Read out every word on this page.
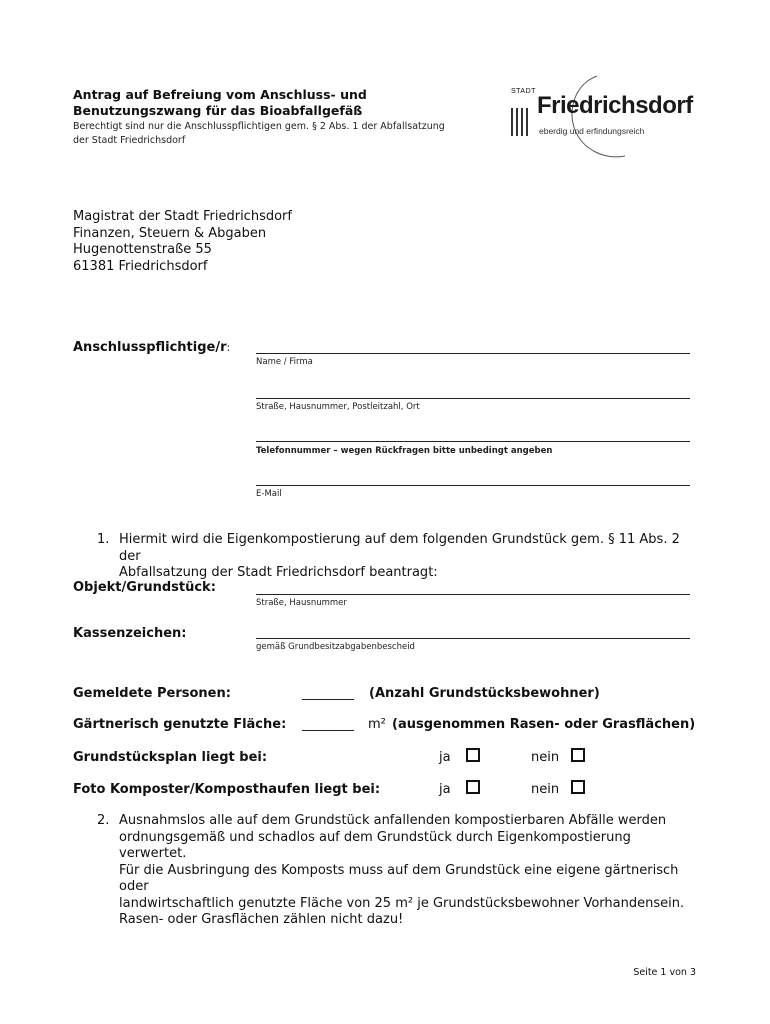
Antrag auf Befreiung vom Anschluss- und
Benutzungszwang für das Bioabfallgefäß
Berechtigt sind nur die Anschlusspflichtigen gem. § 2 Abs. 1 der Abfallsatzung
der Stadt Friedrichsdorf
STADT
Friedrichsdorf
eberdig und erfindungsreich
Magistrat der Stadt Friedrichsdorf
Finanzen, Steuern & Abgaben
Hugenottenstraße 55
61381 Friedrichsdorf
Anschlusspflichtige/r:
Name / Firma
Straße, Hausnummer, Postleitzahl, Ort
Telefonnummer – wegen Rückfragen bitte unbedingt angeben
E-Mail
1. Hiermit wird die Eigenkompostierung auf dem folgenden Grundstück gem. § 11 Abs. 2 der
Abfallsatzung der Stadt Friedrichsdorf beantragt:
Objekt/Grundstück:
Straße, Hausnummer
Kassenzeichen:
gemäß Grundbesitzabgabenbescheid
Gemeldete Personen:	________ (Anzahl Grundstücksbewohner)
Gärtnerisch genutzte Fläche: ________ m² (ausgenommen Rasen- oder Grasflächen)
Grundstücksplan liegt bei:	ja	nein
Foto Komposter/Komposthaufen liegt bei:	ja	nein
2. Ausnahmslos alle auf dem Grundstück anfallenden kompostierbaren Abfälle werden
ordnungsgemäß und schadlos auf dem Grundstück durch Eigenkompostierung verwertet.
Für die Ausbringung des Komposts muss auf dem Grundstück eine eigene gärtnerisch oder
landwirtschaftlich genutzte Fläche von 25 m² je Grundstücksbewohner Vorhandensein.
Rasen- oder Grasflächen zählen nicht dazu!
Seite 1 von 3
